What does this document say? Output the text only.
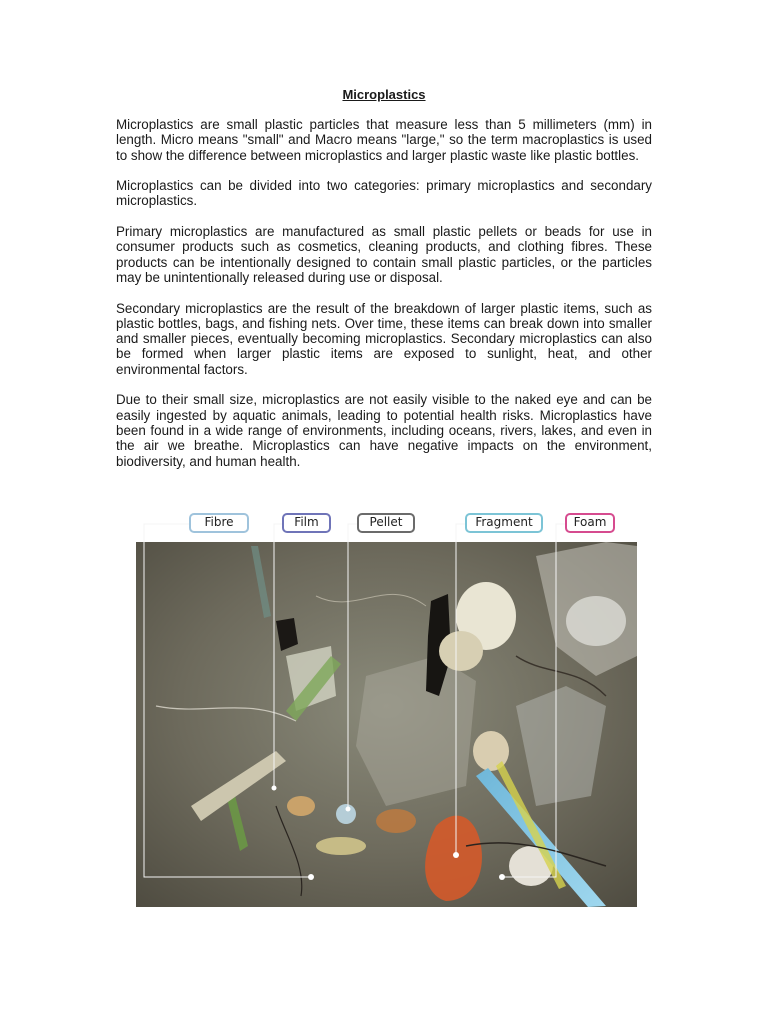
Microplastics

Microplastics are small plastic particles that measure less than 5 millimeters (mm) in length. Micro means "small" and Macro means "large," so the term macroplastics is used to show the difference between microplastics and larger plastic waste like plastic bottles.

Microplastics can be divided into two categories: primary microplastics and secondary microplastics.

Primary microplastics are manufactured as small plastic pellets or beads for use in consumer products such as cosmetics, cleaning products, and clothing fibres. These products can be intentionally designed to contain small plastic particles, or the particles may be unintentionally released during use or disposal.

Secondary microplastics are the result of the breakdown of larger plastic items, such as plastic bottles, bags, and fishing nets. Over time, these items can break down into smaller and smaller pieces, eventually becoming microplastics. Secondary microplastics can also be formed when larger plastic items are exposed to sunlight, heat, and other environmental factors.

Due to their small size, microplastics are not easily visible to the naked eye and can be easily ingested by aquatic animals, leading to potential health risks. Microplastics have been found in a wide range of environments, including oceans, rivers, lakes, and even in the air we breathe. Microplastics can have negative impacts on the environment, biodiversity, and human health.

Fibre	Film	Pellet	Fragment	Foam
